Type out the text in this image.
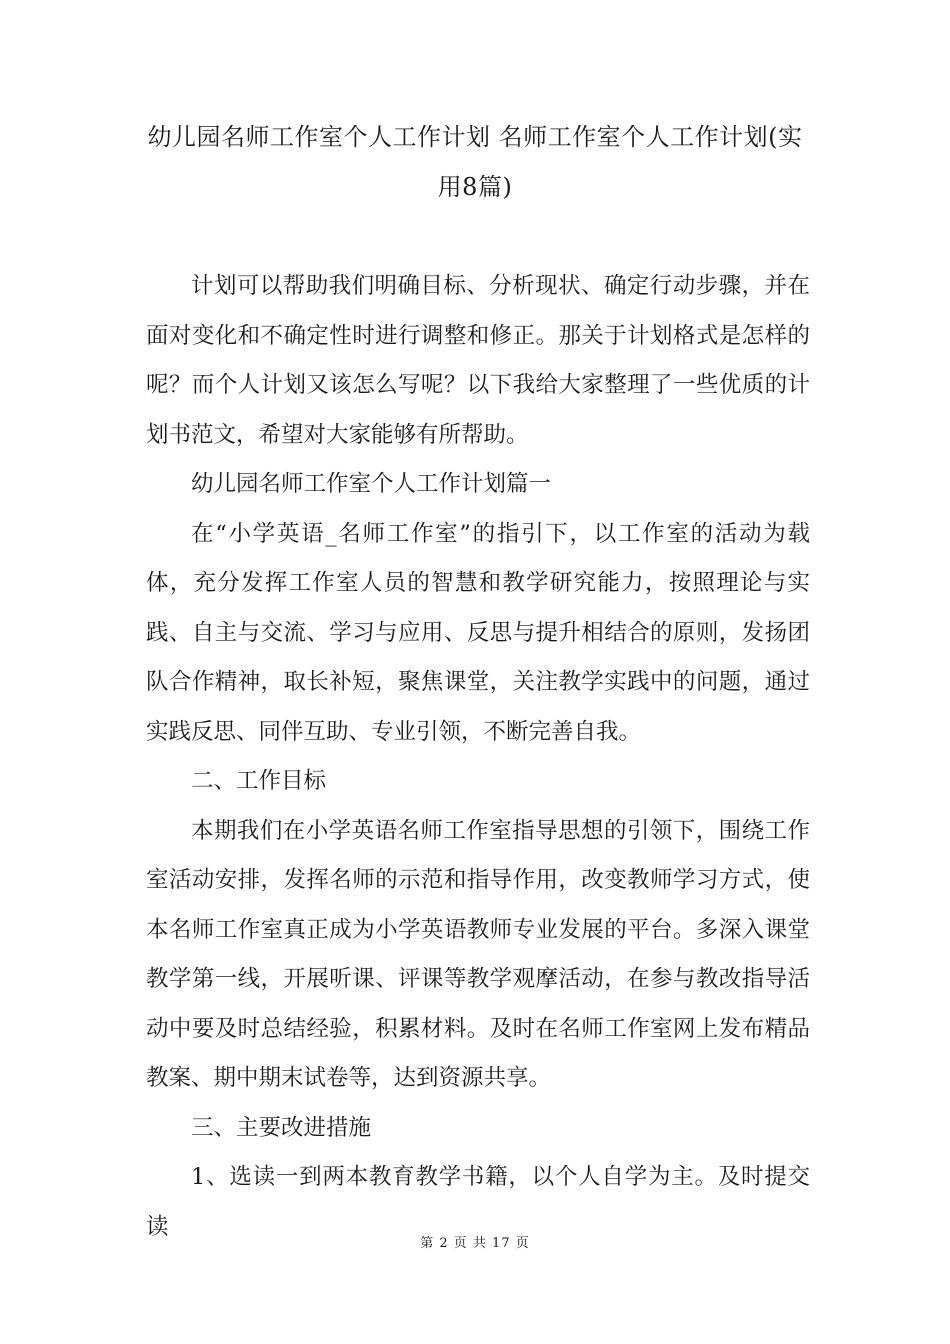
幼儿园名师工作室个人工作计划 名师工作室个人工作计划(实用8篇)

计划可以帮助我们明确目标、分析现状、确定行动步骤，并在面对变化和不确定性时进行调整和修正。那关于计划格式是怎样的呢？而个人计划又该怎么写呢？以下我给大家整理了一些优质的计划书范文，希望对大家能够有所帮助。

幼儿园名师工作室个人工作计划篇一

在“小学英语_名师工作室”的指引下，以工作室的活动为载体，充分发挥工作室人员的智慧和教学研究能力，按照理论与实践、自主与交流、学习与应用、反思与提升相结合的原则，发扬团队合作精神，取长补短，聚焦课堂，关注教学实践中的问题，通过实践反思、同伴互助、专业引领，不断完善自我。

二、工作目标

本期我们在小学英语名师工作室指导思想的引领下，围绕工作室活动安排，发挥名师的示范和指导作用，改变教师学习方式，使本名师工作室真正成为小学英语教师专业发展的平台。多深入课堂教学第一线，开展听课、评课等教学观摩活动，在参与教改指导活动中要及时总结经验，积累材料。及时在名师工作室网上发布精品教案、期中期末试卷等，达到资源共享。

三、主要改进措施

1、选读一到两本教育教学书籍，以个人自学为主。及时提交读

第 2 页 共 17 页
